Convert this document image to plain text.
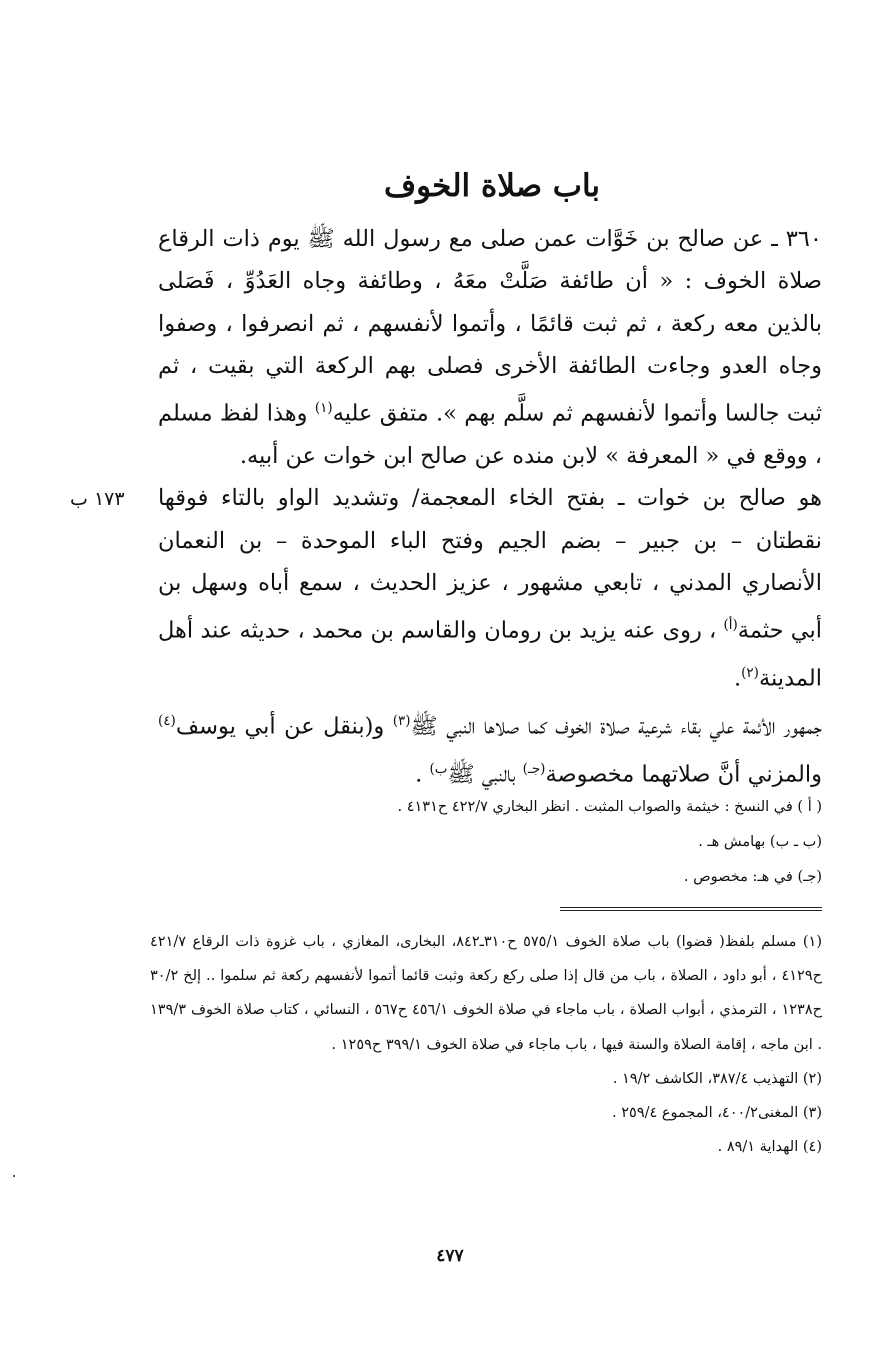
باب صلاة الخوف

٣٦٠ ـ عن صالح بن خَوَّات عمن صلى مع رسول الله ﷺ يوم ذات الرقاع صلاة الخوف : « أن طائفة صَلَّتْ معَهُ ، وطائفة وجاه العَدُوِّ ، فَصَلى بالذين معه ركعة ، ثم ثبت قائمًا ، وأتموا لأنفسهم ، ثم انصرفوا ، وصفوا وجاه العدو وجاءت الطائفة الأخرى فصلى بهم الركعة التي بقيت ، ثم ثبت جالسا وأتموا لأنفسهم ثم سلَّم بهم ». متفق عليه$^{(١)}$ وهذا لفظ مسلم ، ووقع في « المعرفة » لابن منده عن صالح ابن خوات عن أبيه.

هو صالح بن خوات ـ بفتح الخاء المعجمة/ وتشديد الواو بالتاء فوقها نقطتان – بن جبير – بضم الجيم وفتح الباء الموحدة – بن النعمان الأنصاري المدني ، تابعي مشهور ، عزيز الحديث ، سمع أباه وسهل بن أبي حثمة$^{(أ)}$ ، روى عنه يزيد بن رومان والقاسم بن محمد ، حديثه عند أهل المدينة$^{(٢)}$.

جمهور الأئمة علي بقاء شرعية صلاة الخوف كما صلاها النبي ﷺ$^{(٣)}$ و(بنقل عن أبي يوسف$^{(٤)}$ والمزني أنَّ صلاتهما مخصوصة$^{(جـ)}$ بالنبي ﷺ$^{ب)}$ .

١٧٣ ب

( أ ) في النسخ : خيثمة والصواب المثبت . انظر البخاري ٤٢٢/٧ ح٤١٣١ .

(ب ـ ب) بهامش هـ .

(جـ) في هـ: مخصوص .

(١) مسلم بلفظ( قضوا) باب صلاة الخوف ٥٧٥/١ ح٣١٠ـ٨٤٢، البخارى، المغازي ، باب غزوة ذات الرقاع ٤٢١/٧ ح٤١٢٩ ، أبو داود ، الصلاة ، باب من قال إذا صلى ركع ركعة وثبت قائما أتموا لأنفسهم ركعة ثم سلموا .. إلخ ٣٠/٢ ح١٢٣٨ ، الترمذي ، أبواب الصلاة ، باب ماجاء في صلاة الخوف ٤٥٦/١ ح٥٦٧ ، النسائي ، كتاب صلاة الخوف ١٣٩/٣ . ابن ماجه ، إقامة الصلاة والسنة فيها ، باب ماجاء في صلاة الخوف ٣٩٩/١ ح١٢٥٩ .

(٢) التهذيب ٣٨٧/٤، الكاشف ١٩/٢ .

(٣) المغنى٤٠٠/٢، المجموع ٢٥٩/٤ .

(٤) الهداية ٨٩/١ .

٤٧٧
